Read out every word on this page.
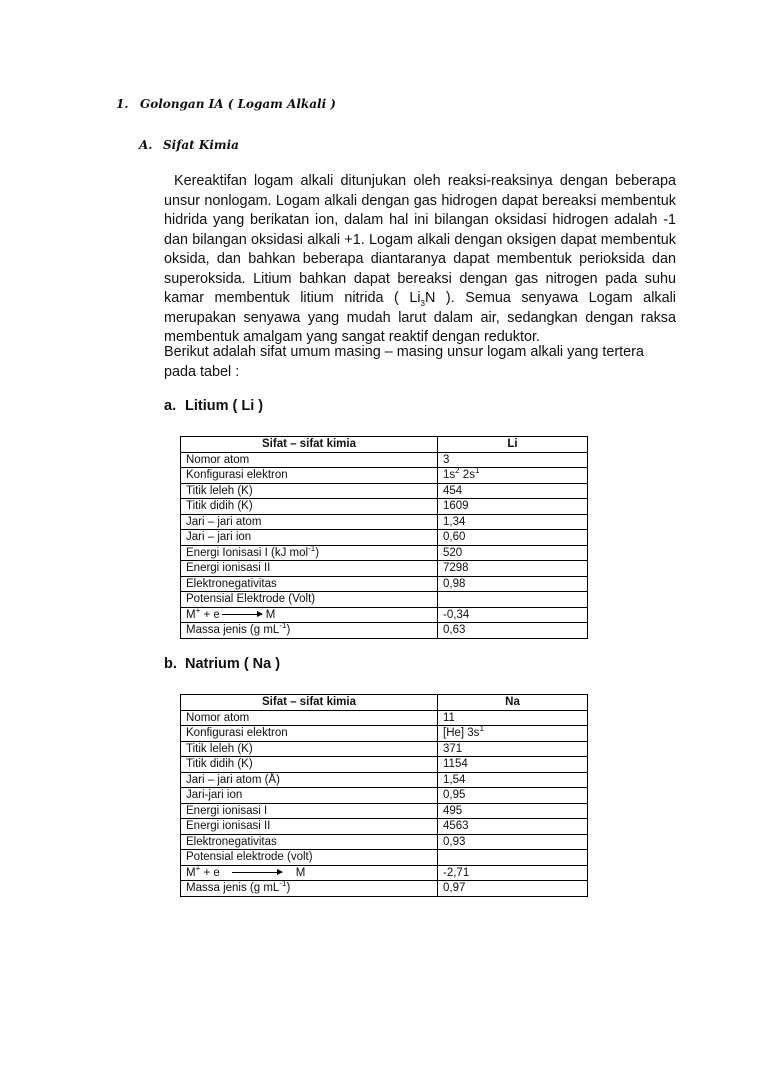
1. Golongan IA ( Logam Alkali )
A. Sifat Kimia

Kereaktifan logam alkali ditunjukan oleh reaksi-reaksinya dengan beberapa unsur nonlogam. Logam alkali dengan gas hidrogen dapat bereaksi membentuk hidrida yang berikatan ion, dalam hal ini bilangan oksidasi hidrogen adalah -1 dan bilangan oksidasi alkali +1. Logam alkali dengan oksigen dapat membentuk oksida, dan bahkan beberapa diantaranya dapat membentuk perioksida dan superoksida. Litium bahkan dapat bereaksi dengan gas nitrogen pada suhu kamar membentuk litium nitrida ( $Li_3N$ ). Semua senyawa Logam alkali merupakan senyawa yang mudah larut dalam air, sedangkan dengan raksa membentuk amalgam yang sangat reaktif dengan reduktor.

Berikut adalah sifat umum masing – masing unsur logam alkali yang tertera pada tabel :

a. Litium ( Li )
Sifat – sifat kimia	Li
Nomor atom	3
Konfigurasi elektron	$1s^2$ $2s^1$
Titik leleh (K)	454
Titik didih (K)	1609
Jari – jari atom	1,34
Jari – jari ion	0,60
Energi Ionisasi I (kJ mol$^{-1}$)	520
Energi ionisasi II	7298
Elektronegativitas	0,98
Potensial Elektrode (Volt)	
M+ + e M	-0,34
Massa jenis (g $mL^{-1}$)	0,63
b. Natrium ( Na )
Sifat – sifat kimia	Na
Nomor atom	11
Konfigurasi elektron	[He] $3s^1$
Titik leleh (K)	371
Titik didih (K)	1154
Jari – jari atom (Å)	1,54
Jari-jari ion	0,95
Energi ionisasi I	495
Energi ionisasi II	4563
Elektronegativitas	0,93
Potensial elektrode (volt)	
M+ + e M	-2,71
Massa jenis (g $mL^{-1}$)	0,97
